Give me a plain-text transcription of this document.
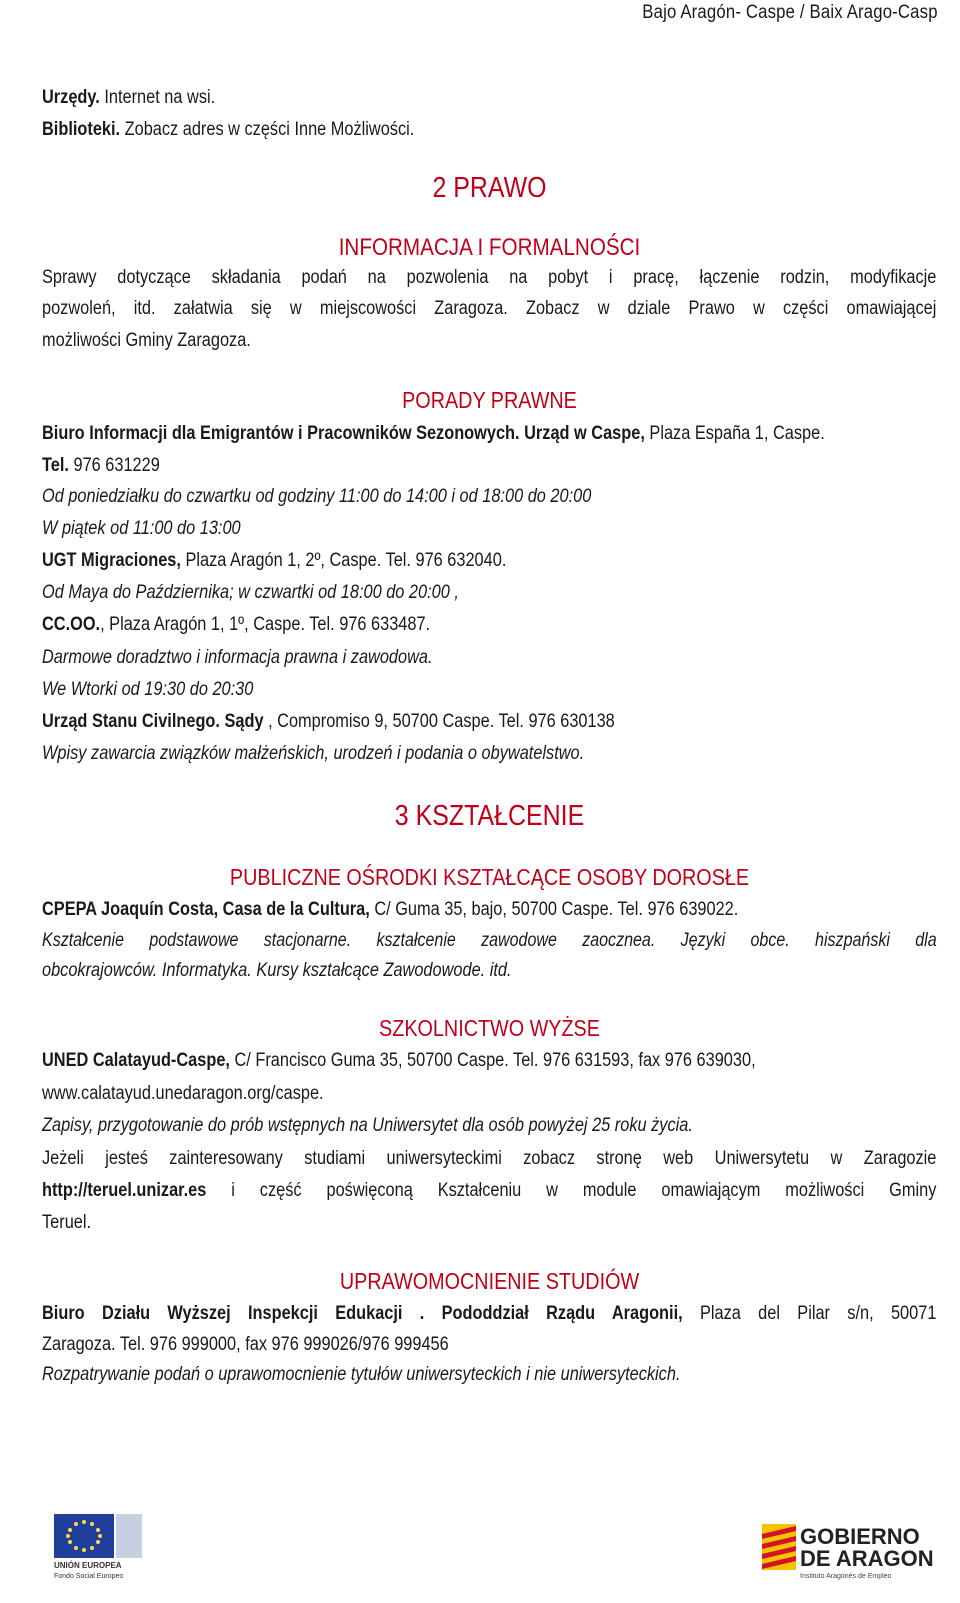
Bajo Aragón- Caspe / Baix Arago-Casp
Urzędy. Internet na wsi.
Biblioteki. Zobacz adres w części Inne Możliwości.
2 PRAWO
INFORMACJA I FORMALNOŚCI
Sprawy dotyczące składania podań na pozwolenia na pobyt i pracę, łączenie rodzin, modyfikacje
pozwoleń, itd. załatwia się w miejscowości Zaragoza. Zobacz w dziale Prawo w części omawiającej
możliwości Gminy Zaragoza.
PORADY PRAWNE
Biuro Informacji dla Emigrantów i Pracowników Sezonowych. Urząd w Caspe, Plaza España 1, Caspe.
Tel. 976 631229
Od poniedziałku do czwartku od godziny 11:00 do 14:00 i od 18:00 do 20:00
W piątek od 11:00 do 13:00
UGT Migraciones, Plaza Aragón 1, 2º, Caspe. Tel. 976 632040.
Od Maya do Października; w czwartki od 18:00 do 20:00 ,
CC.OO., Plaza Aragón 1, 1º, Caspe. Tel. 976 633487.
Darmowe doradztwo i informacja prawna i zawodowa.
We Wtorki od 19:30 do 20:30
Urząd Stanu Civilnego. Sądy , Compromiso 9, 50700 Caspe. Tel. 976 630138
Wpisy zawarcia związków małżeńskich, urodzeń i podania o obywatelstwo.
3 KSZTAŁCENIE
PUBLICZNE OŚRODKI KSZTAŁCĄCE OSOBY DOROSŁE
CPEPA Joaquín Costa, Casa de la Cultura, C/ Guma 35, bajo, 50700 Caspe. Tel. 976 639022.
Kształcenie podstawowe stacjonarne. kształcenie zawodowe zaocznea. Języki obce. hiszpański dla
obcokrajowców. Informatyka. Kursy kształcące Zawodowode. itd.
SZKOLNICTWO WYŻSE
UNED Calatayud-Caspe, C/ Francisco Guma 35, 50700 Caspe. Tel. 976 631593, fax 976 639030,
www.calatayud.unedaragon.org/caspe.
Zapisy, przygotowanie do prób wstępnych na Uniwersytet dla osób powyżej 25 roku życia.
Jeżeli jesteś zainteresowany studiami uniwersyteckimi zobacz stronę web Uniwersytetu w Zaragozie
http://teruel.unizar.es i część poświęconą Kształceniu w module omawiającym możliwości Gminy
Teruel.
UPRAWOMOCNIENIE STUDIÓW
Biuro Działu Wyższej Inspekcji Edukacji . Pododdział Rządu Aragonii, Plaza del Pilar s/n, 50071
Zaragoza. Tel. 976 999000, fax 976 999026/976 999456
Rozpatrywanie podań o uprawomocnienie tytułów uniwersyteckich i nie uniwersyteckich.
UNIÓN EUROPEA
Fondo Social Europeo
GOBIERNO
DE ARAGON
Instituto Aragonés de Empleo
